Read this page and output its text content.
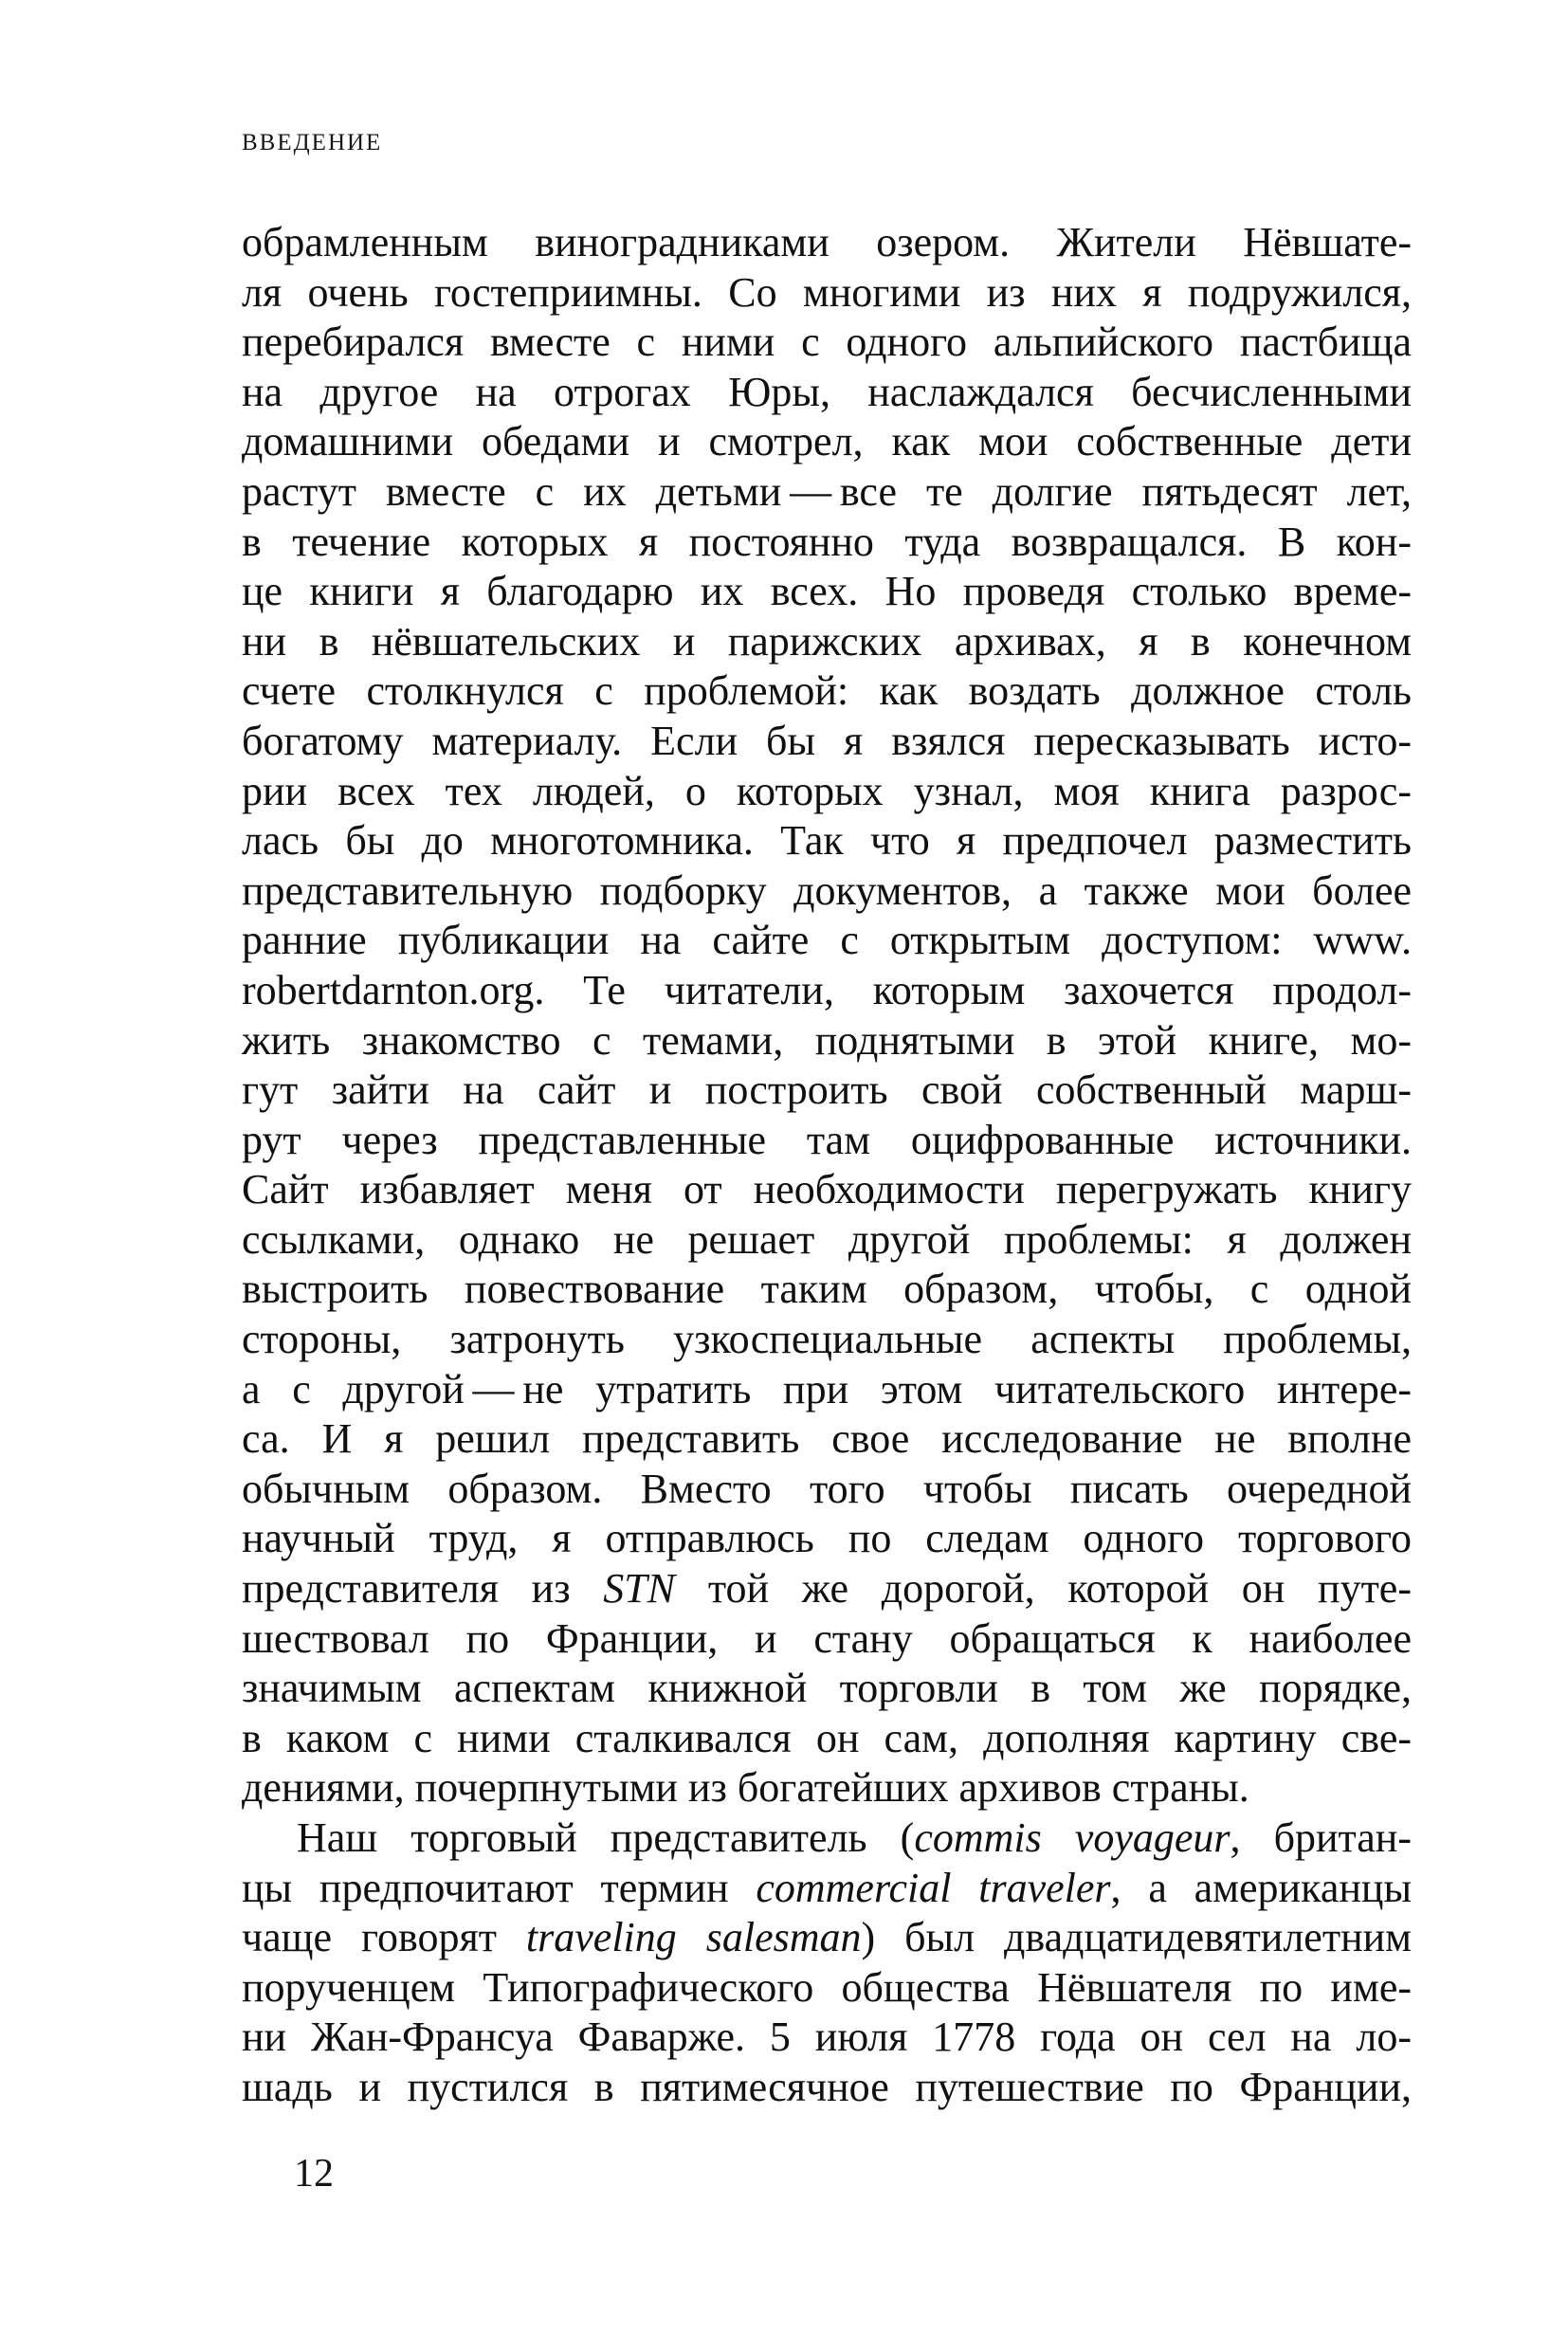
ВВЕДЕНИЕ
обрамленным виноградниками озером. Жители Нёвшате-
ля очень гостеприимны. Со многими из них я подружился,
перебирался вместе с ними с одного альпийского пастбища
на другое на отрогах Юры, наслаждался бесчисленными
домашними обедами и смотрел, как мои собственные дети
растут вместе с их детьми — все те долгие пятьдесят лет,
в течение которых я постоянно туда возвращался. В кон-
це книги я благодарю их всех. Но проведя столько време-
ни в нёвшательских и парижских архивах, я в конечном
счете столкнулся с проблемой: как воздать должное столь
богатому материалу. Если бы я взялся пересказывать исто-
рии всех тех людей, о которых узнал, моя книга разрос-
лась бы до многотомника. Так что я предпочел разместить
представительную подборку документов, а также мои более
ранние публикации на сайте с открытым доступом: www.
robertdarnton.org. Те читатели, которым захочется продол-
жить знакомство с темами, поднятыми в этой книге, мо-
гут зайти на сайт и построить свой собственный марш-
рут через представленные там оцифрованные источники.
Сайт избавляет меня от необходимости перегружать книгу
ссылками, однако не решает другой проблемы: я должен
выстроить повествование таким образом, чтобы, с одной
стороны, затронуть узкоспециальные аспекты проблемы,
а с другой — не утратить при этом читательского интере-
са. И я решил представить свое исследование не вполне
обычным образом. Вместо того чтобы писать очередной
научный труд, я отправлюсь по следам одного торгового
представителя из STN той же дорогой, которой он путе-
шествовал по Франции, и стану обращаться к наиболее
значимым аспектам книжной торговли в том же порядке,
в каком с ними сталкивался он сам, дополняя картину све-
дениями, почерпнутыми из богатейших архивов страны.
Наш торговый представитель (commis voyageur, британ-
цы предпочитают термин commercial traveler, а американцы
чаще говорят traveling salesman) был двадцатидевятилетним
порученцем Типографического общества Нёвшателя по име-
ни Жан-Франсуа Фаварже. 5 июля 1778 года он сел на ло-
шадь и пустился в пятимесячное путешествие по Франции,
12
